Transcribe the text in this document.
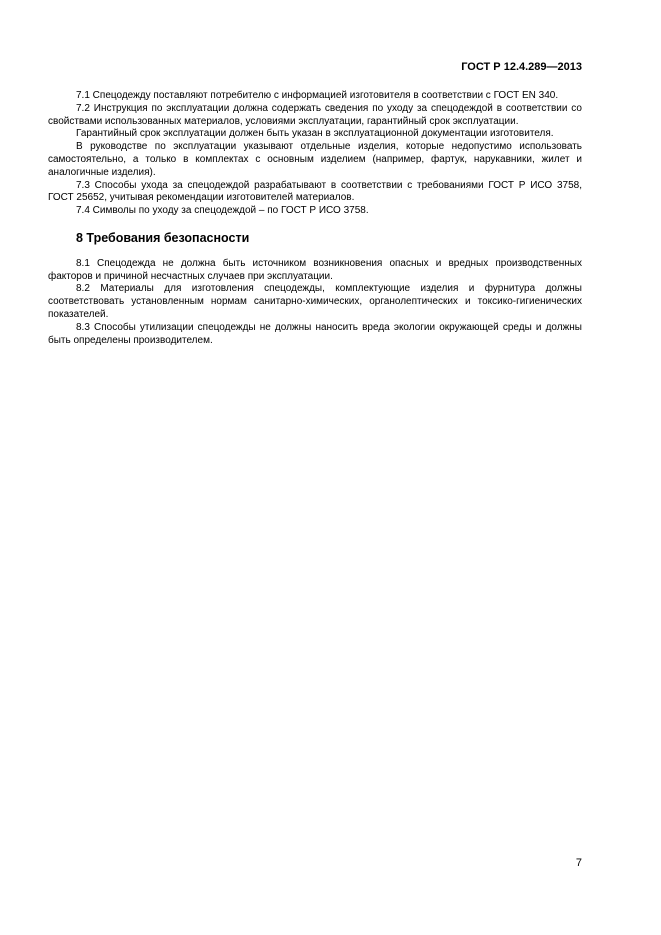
ГОСТ Р 12.4.289—2013

7.1 Спецодежду поставляют потребителю с информацией изготовителя в соответствии с ГОСТ EN 340.

7.2 Инструкция по эксплуатации должна содержать сведения по уходу за спецодеждой в соответствии со свойствами использованных материалов, условиями эксплуатации, гарантийный срок эксплуатации.

Гарантийный срок эксплуатации должен быть указан в эксплуатационной документации изготовителя.

В руководстве по эксплуатации указывают отдельные изделия, которые недопустимо использовать самостоятельно, а только в комплектах с основным изделием (например, фартук, нарукавники, жилет и аналогичные изделия).

7.3 Способы ухода за спецодеждой разрабатывают в соответствии с требованиями ГОСТ Р ИСО 3758, ГОСТ 25652, учитывая рекомендации изготовителей материалов.

7.4 Символы по уходу за спецодеждой – по ГОСТ Р ИСО 3758.

8 Требования безопасности

8.1 Спецодежда не должна быть источником возникновения опасных и вредных производственных факторов и причиной несчастных случаев при эксплуатации.

8.2 Материалы для изготовления спецодежды, комплектующие изделия и фурнитура должны соответствовать установленным нормам санитарно-химических, органолептических и токсико-гигиенических показателей.

8.3 Способы утилизации спецодежды не должны наносить вреда экологии окружающей среды и должны быть определены производителем.

7
